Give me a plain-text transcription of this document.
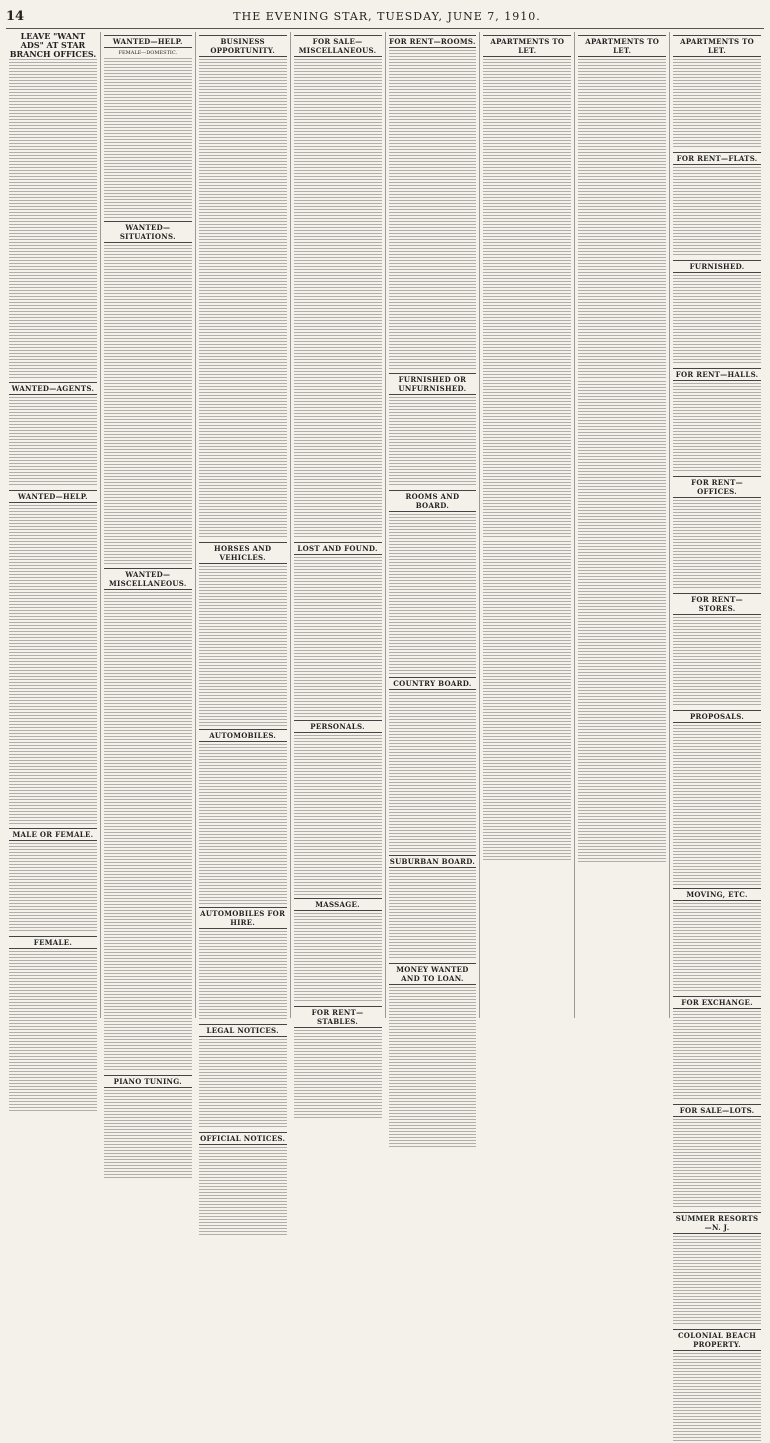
14	THE EVENING STAR, TUESDAY, JUNE 7, 1910.
LEAVE "WANT ADS" AT STAR BRANCH OFFICES.
WANTED—AGENTS.
WANTED—HELP.
MALE OR FEMALE.
FEMALE.
WANTED—HELP.
FEMALE—DOMESTIC.
WANTED—SITUATIONS.
WANTED—MISCELLANEOUS.
PIANO TUNING.
BUSINESS OPPORTUNITY.
HORSES AND VEHICLES.
AUTOMOBILES.
AUTOMOBILES FOR HIRE.
LEGAL NOTICES.
OFFICIAL NOTICES.
FOR SALE—MISCELLANEOUS.
LOST AND FOUND.
PERSONALS.
MASSAGE.
FOR RENT—STABLES.
FOR RENT—ROOMS.
FURNISHED OR UNFURNISHED.
ROOMS AND BOARD.
COUNTRY BOARD.
SUBURBAN BOARD.
MONEY WANTED AND TO LOAN.
APARTMENTS TO LET.
APARTMENTS TO LET.
APARTMENTS TO LET.
FOR RENT—FLATS.
FURNISHED.
FOR RENT—HALLS.
FOR RENT—OFFICES.
FOR RENT—STORES.
PROPOSALS.
MOVING, ETC.
FOR EXCHANGE.
FOR SALE—LOTS.
SUMMER RESORTS—N. J.
COLONIAL BEACH PROPERTY.
